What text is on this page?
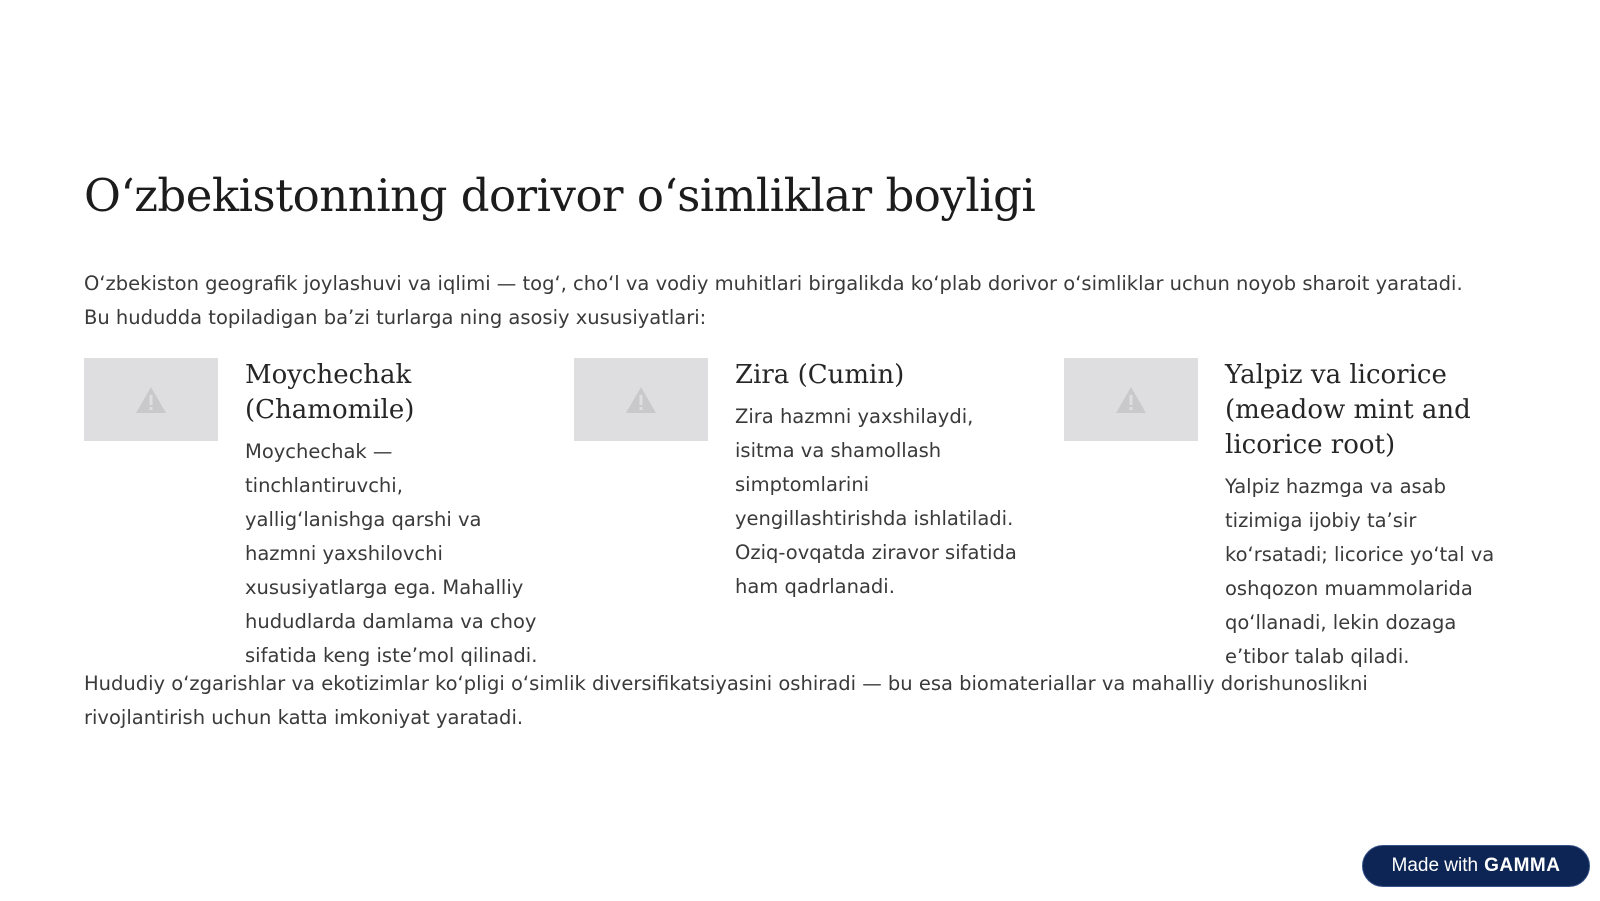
O‘zbekistonning dorivor o‘simliklar boyligi

O‘zbekiston geografik joylashuvi va iqlimi — tog‘, cho‘l va vodiy muhitlari birgalikda ko‘plab dorivor o‘simliklar uchun noyob sharoit yaratadi. Bu hududda topiladigan ba’zi turlarga ning asosiy xususiyatlari:

Moychechak (Chamomile)

Moychechak — tinchlantiruvchi, yallig‘lanishga qarshi va hazmni yaxshilovchi xususiyatlarga ega. Mahalliy hududlarda damlama va choy sifatida keng iste’mol qilinadi.

Zira (Cumin)

Zira hazmni yaxshilaydi, isitma va shamollash simptomlarini yengillashtirishda ishlatiladi. Oziq-ovqatda ziravor sifatida ham qadrlanadi.

Yalpiz va licorice (meadow mint and licorice root)

Yalpiz hazmga va asab tizimiga ijobiy ta’sir ko‘rsatadi; licorice yo‘tal va oshqozon muammolarida qo‘llanadi, lekin dozaga e’tibor talab qiladi.

Hududiy o‘zgarishlar va ekotizimlar ko‘pligi o‘simlik diversifikatsiyasini oshiradi — bu esa biomateriallar va mahalliy dorishunoslikni rivojlantirish uchun katta imkoniyat yaratadi.

Made with GAMMA
